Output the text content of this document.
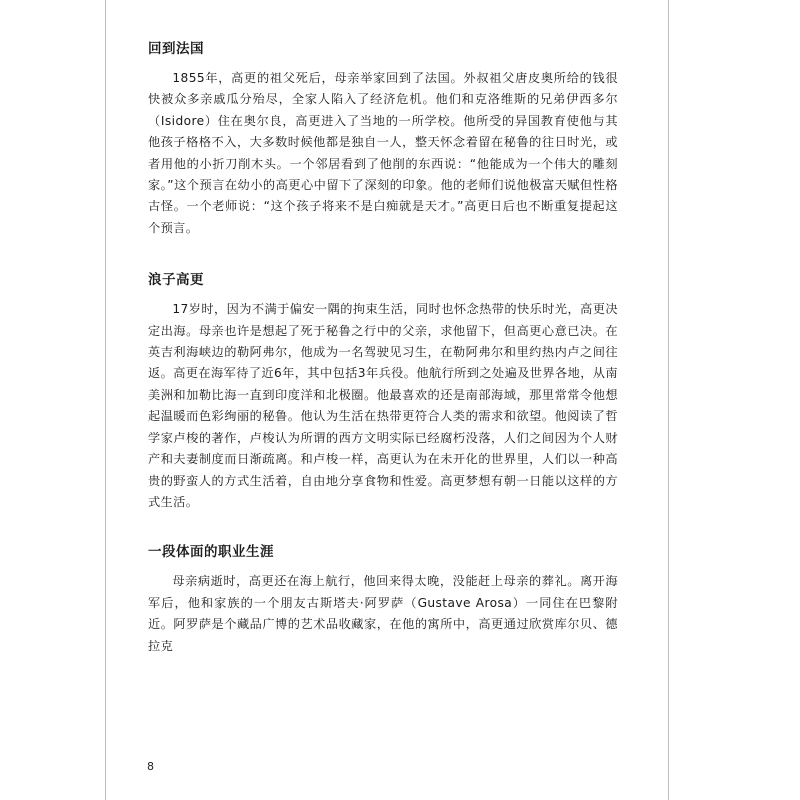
回到法国

1855年，高更的祖父死后，母亲举家回到了法国。外叔祖父唐皮奥所给的钱很快被众多亲戚瓜分殆尽，全家人陷入了经济危机。他们和克洛维斯的兄弟伊西多尔（Isidore）住在奥尔良，高更进入了当地的一所学校。他所受的异国教育使他与其他孩子格格不入，大多数时候他都是独自一人，整天怀念着留在秘鲁的往日时光，或者用他的小折刀削木头。一个邻居看到了他削的东西说：“他能成为一个伟大的雕刻家。”这个预言在幼小的高更心中留下了深刻的印象。他的老师们说他极富天赋但性格古怪。一个老师说：“这个孩子将来不是白痴就是天才。”高更日后也不断重复提起这个预言。

浪子高更

17岁时，因为不满于偏安一隅的拘束生活，同时也怀念热带的快乐时光，高更决定出海。母亲也许是想起了死于秘鲁之行中的父亲，求他留下，但高更心意已决。在英吉利海峡边的勒阿弗尔，他成为一名驾驶见习生，在勒阿弗尔和里约热内卢之间往返。高更在海军待了近6年，其中包括3年兵役。他航行所到之处遍及世界各地，从南美洲和加勒比海一直到印度洋和北极圈。他最喜欢的还是南部海域，那里常常令他想起温暖而色彩绚丽的秘鲁。他认为生活在热带更符合人类的需求和欲望。他阅读了哲学家卢梭的著作，卢梭认为所谓的西方文明实际已经腐朽没落，人们之间因为个人财产和夫妻制度而日渐疏离。和卢梭一样，高更认为在未开化的世界里，人们以一种高贵的野蛮人的方式生活着，自由地分享食物和性爱。高更梦想有朝一日能以这样的方式生活。

一段体面的职业生涯

母亲病逝时，高更还在海上航行，他回来得太晚，没能赶上母亲的葬礼。离开海军后，他和家族的一个朋友古斯塔夫·阿罗萨（Gustave Arosa）一同住在巴黎附近。阿罗萨是个藏品广博的艺术品收藏家，在他的寓所中，高更通过欣赏库尔贝、德拉克

8
